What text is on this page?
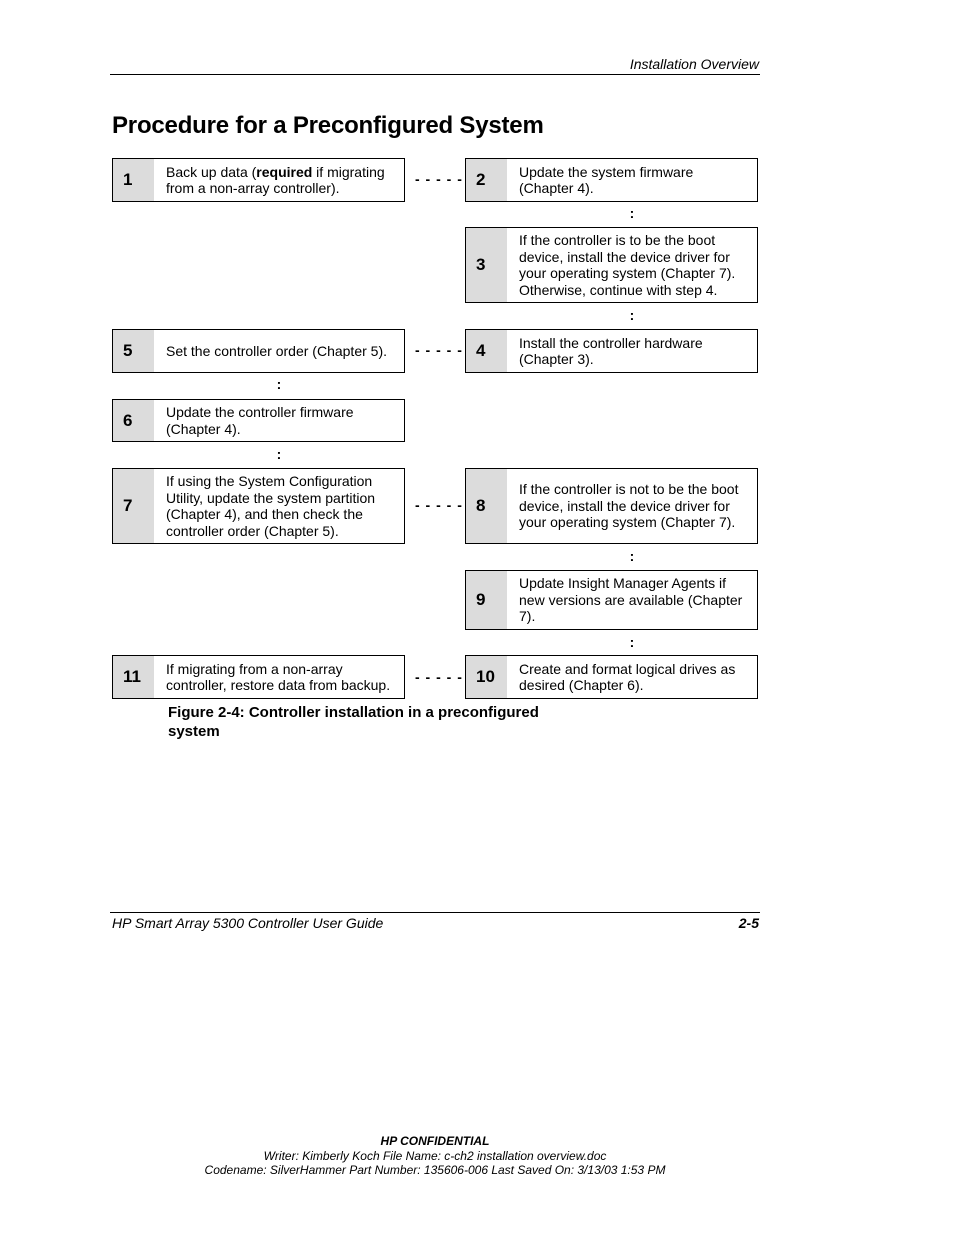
Installation Overview
Procedure for a Preconfigured System
1	Back up data (required if migrating from a non-array controller).
- - - - - 2	Update the system firmware (Chapter 4).
:
3
If the controller is to be the boot device, install the device driver for your operating system (Chapter 7). Otherwise, continue with step 4.
:
5	Set the controller order (Chapter 5).	- - - - - 4	Install the controller hardware (Chapter 3).
:
6	Update the controller firmware (Chapter 4).
:
7
If using the System Configuration Utility, update the system partition (Chapter 4), and then check the controller order (Chapter 5).
- - - - - 8
If the controller is not to be the boot device, install the device driver for your operating system (Chapter 7).
:
9
Update Insight Manager Agents if new versions are available (Chapter 7).
:
11	If migrating from a non-array controller, restore data from backup.	- - - - - 10	Create and format logical drives as desired (Chapter 6).
Figure 2-4: Controller installation in a preconfigured system
HP Smart Array 5300 Controller User Guide	2-5
HP CONFIDENTIAL
Writer: Kimberly Koch File Name: c-ch2 installation overview.doc
Codename: SilverHammer Part Number: 135606-006 Last Saved On: 3/13/03 1:53 PM
